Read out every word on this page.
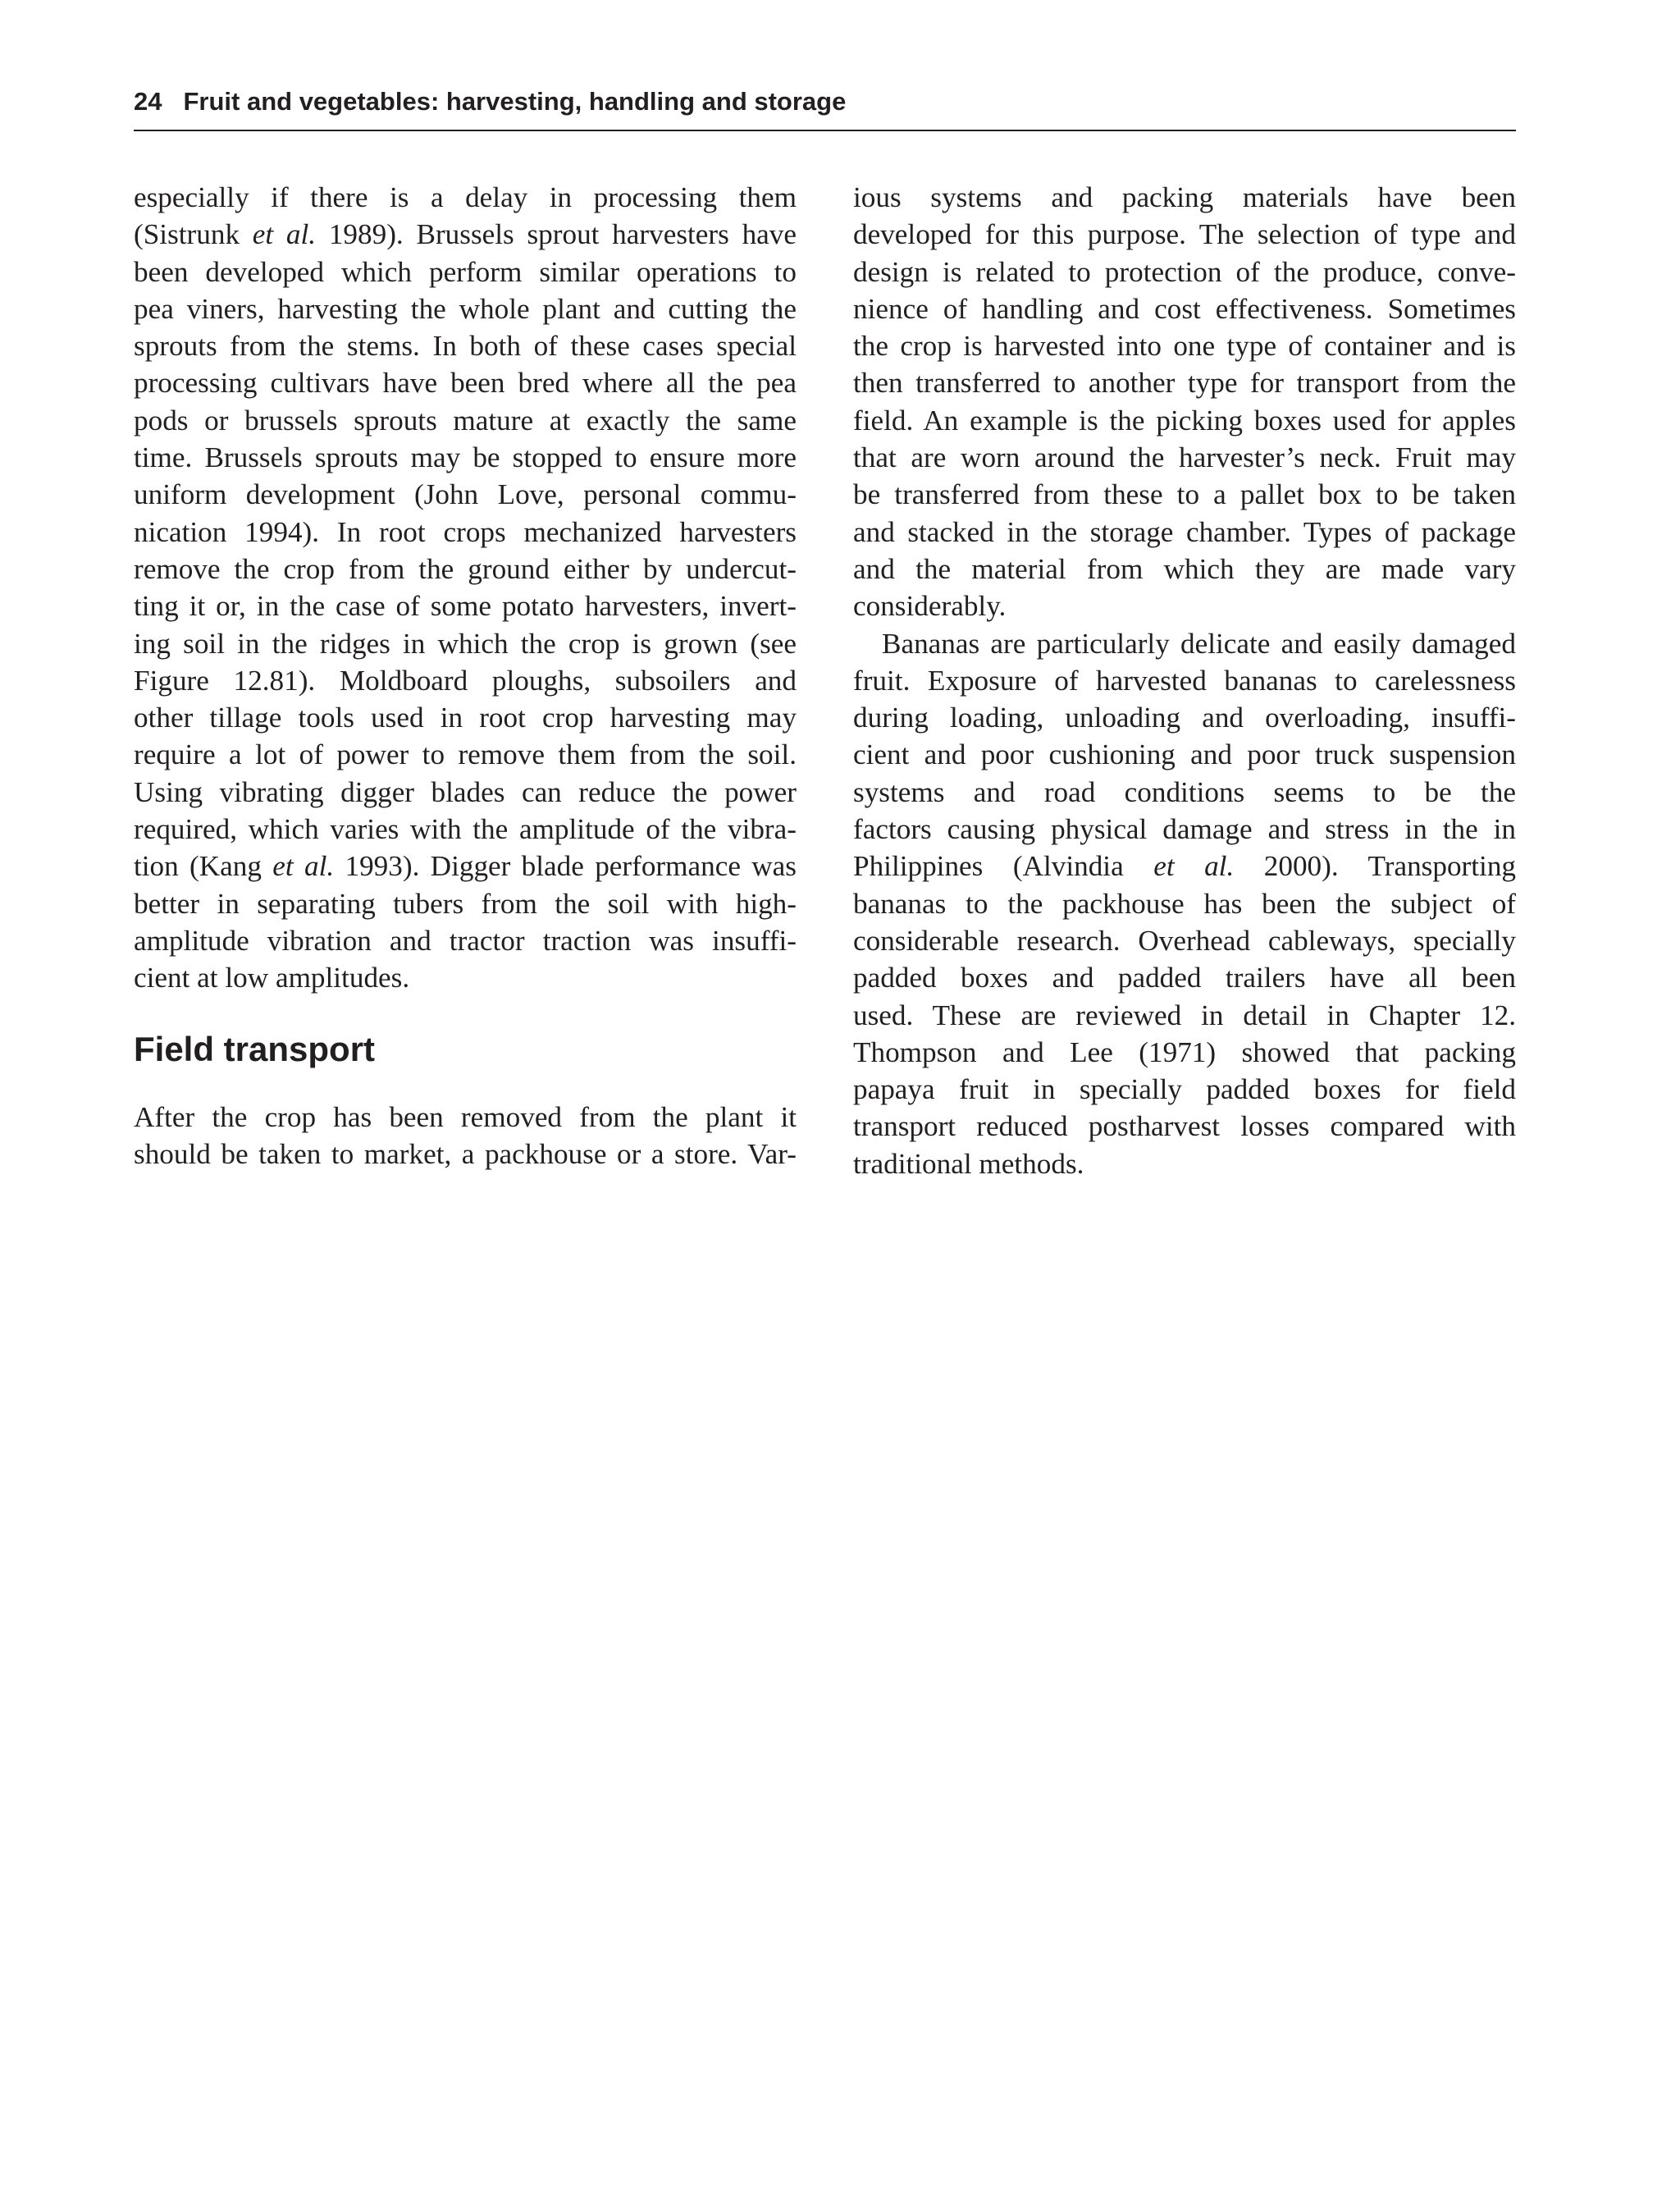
24 Fruit and vegetables: harvesting, handling and storage

especially if there is a delay in processing them
(Sistrunk et al. 1989). Brussels sprout harvesters have
been developed which perform similar operations to
pea viners, harvesting the whole plant and cutting the
sprouts from the stems. In both of these cases special
processing cultivars have been bred where all the pea
pods or brussels sprouts mature at exactly the same
time. Brussels sprouts may be stopped to ensure more
uniform development (John Love, personal commu-
nication 1994). In root crops mechanized harvesters
remove the crop from the ground either by undercut-
ting it or, in the case of some potato harvesters, invert-
ing soil in the ridges in which the crop is grown (see
Figure 12.81). Moldboard ploughs, subsoilers and
other tillage tools used in root crop harvesting may
require a lot of power to remove them from the soil.
Using vibrating digger blades can reduce the power
required, which varies with the amplitude of the vibra-
tion (Kang et al. 1993). Digger blade performance was
better in separating tubers from the soil with high-
amplitude vibration and tractor traction was insuffi-
cient at low amplitudes.

Field transport

After the crop has been removed from the plant it
should be taken to market, a packhouse or a store. Var-

ious systems and packing materials have been
developed for this purpose. The selection of type and
design is related to protection of the produce, conve-
nience of handling and cost effectiveness. Sometimes
the crop is harvested into one type of container and is
then transferred to another type for transport from the
field. An example is the picking boxes used for apples
that are worn around the harvester’s neck. Fruit may
be transferred from these to a pallet box to be taken
and stacked in the storage chamber. Types of package
and the material from which they are made vary
considerably.

Bananas are particularly delicate and easily damaged
fruit. Exposure of harvested bananas to carelessness
during loading, unloading and overloading, insuffi-
cient and poor cushioning and poor truck suspension
systems and road conditions seems to be the
factors causing physical damage and stress in the in
Philippines (Alvindia et al. 2000). Transporting
bananas to the packhouse has been the subject of
considerable research. Overhead cableways, specially
padded boxes and padded trailers have all been
used. These are reviewed in detail in Chapter 12.
Thompson and Lee (1971) showed that packing
papaya fruit in specially padded boxes for field
transport reduced postharvest losses compared with
traditional methods.
